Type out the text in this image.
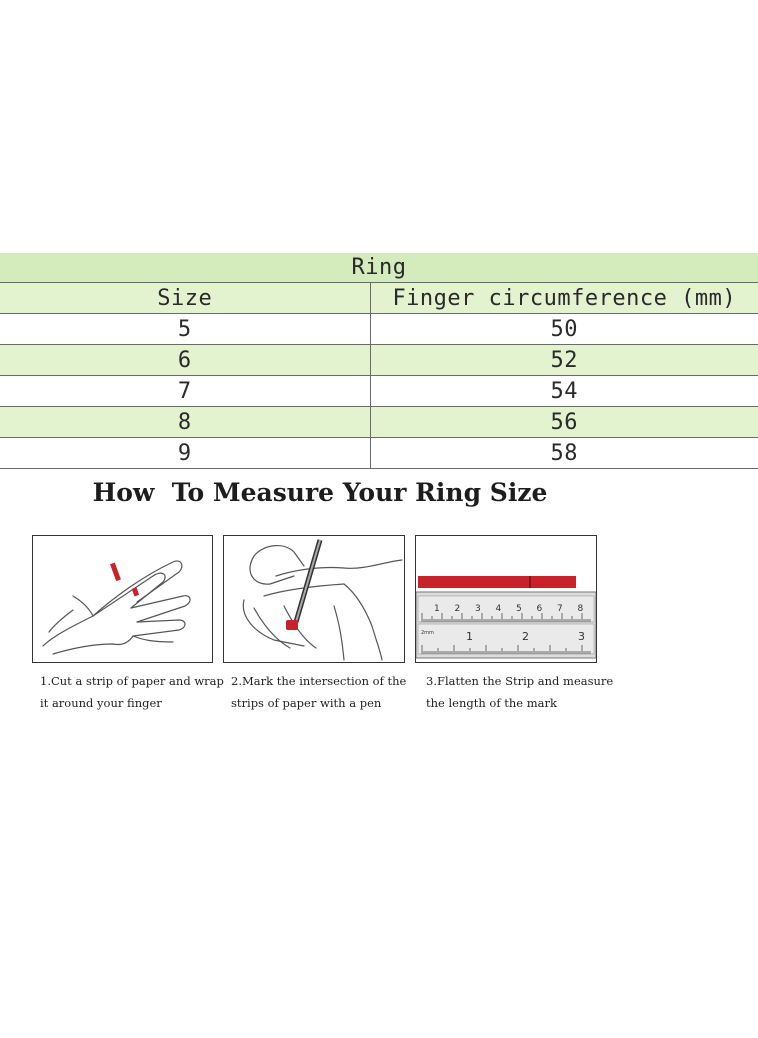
Ring	
Size	Finger circumference (mm)
5	50
6	52
7	54
8	56
9	58
How  To Measure Your Ring Size
1 2 3 4 5 6 7 8
2mm	1	2	3
1.Cut a strip of paper and wrap
it around your finger
2.Mark the intersection of the
strips of paper with a pen
3.Flatten the Strip and measure
the length of the mark
